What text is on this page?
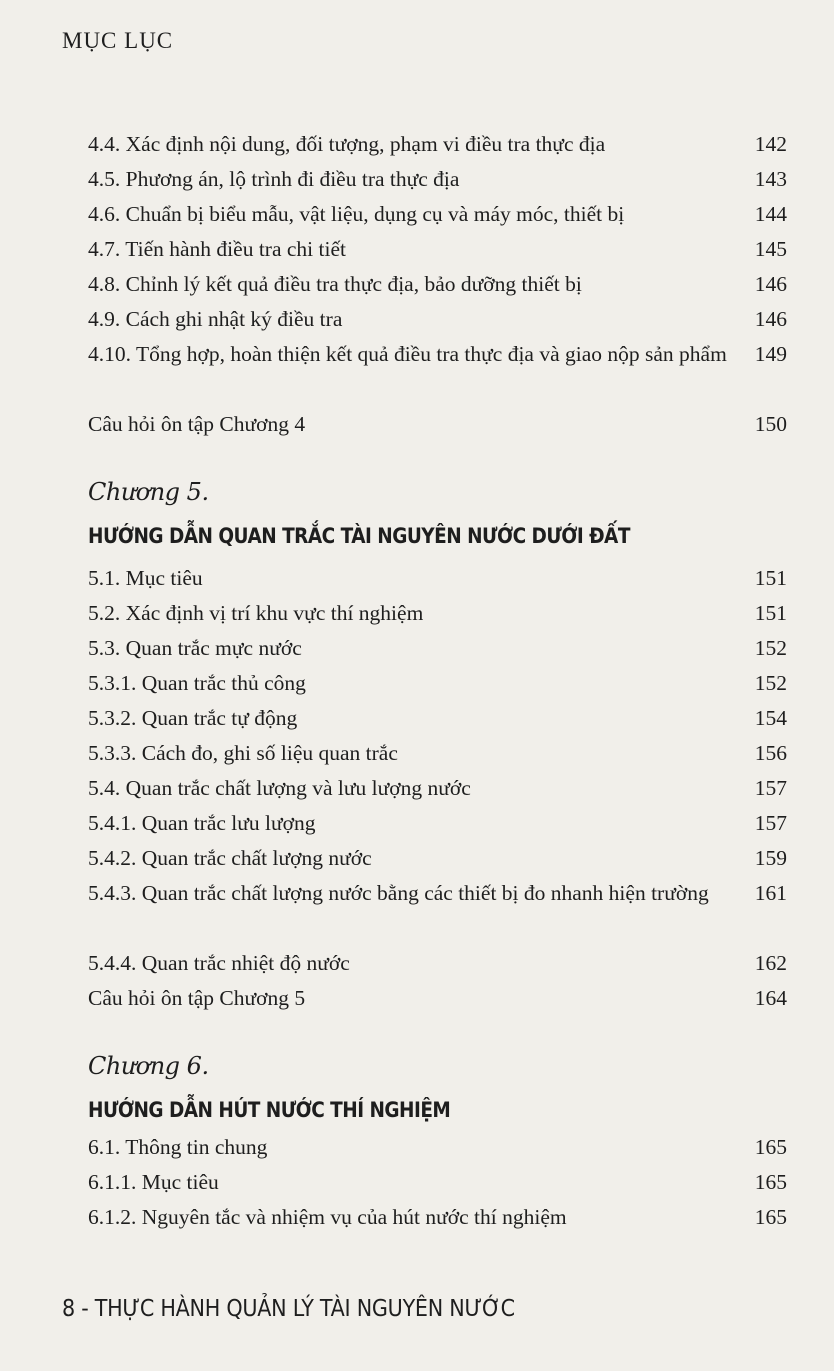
MỤC LỤC
4.4. Xác định nội dung, đối tượng, phạm vi điều tra thực địa	142
4.5. Phương án, lộ trình đi điều tra thực địa	143
4.6. Chuẩn bị biểu mẫu, vật liệu, dụng cụ và máy móc, thiết bị	144
4.7. Tiến hành điều tra chi tiết	145
4.8. Chỉnh lý kết quả điều tra thực địa, bảo dưỡng thiết bị	146
4.9. Cách ghi nhật ký điều tra	146
4.10. Tổng hợp, hoàn thiện kết quả điều tra thực địa và giao nộp sản phẩm 149
Câu hỏi ôn tập Chương 4	150
Chương 5.
HƯỚNG DẪN QUAN TRẮC TÀI NGUYÊN NƯỚC DƯỚI ĐẤT
5.1. Mục tiêu	151
5.2. Xác định vị trí khu vực thí nghiệm	151
5.3. Quan trắc mực nước	152
5.3.1. Quan trắc thủ công	152
5.3.2. Quan trắc tự động	154
5.3.3. Cách đo, ghi số liệu quan trắc	156
5.4. Quan trắc chất lượng và lưu lượng nước	157
5.4.1. Quan trắc lưu lượng	157
5.4.2. Quan trắc chất lượng nước	159
5.4.3. Quan trắc chất lượng nước bằng các thiết bị đo nhanh hiện trường	161
5.4.4. Quan trắc nhiệt độ nước	162
Câu hỏi ôn tập Chương 5	164
Chương 6.
HƯỚNG DẪN HÚT NƯỚC THÍ NGHIỆM
6.1. Thông tin chung	165
6.1.1. Mục tiêu	165
6.1.2. Nguyên tắc và nhiệm vụ của hút nước thí nghiệm	165
8 - THỰC HÀNH QUẢN LÝ TÀI NGUYÊN NƯỚC
